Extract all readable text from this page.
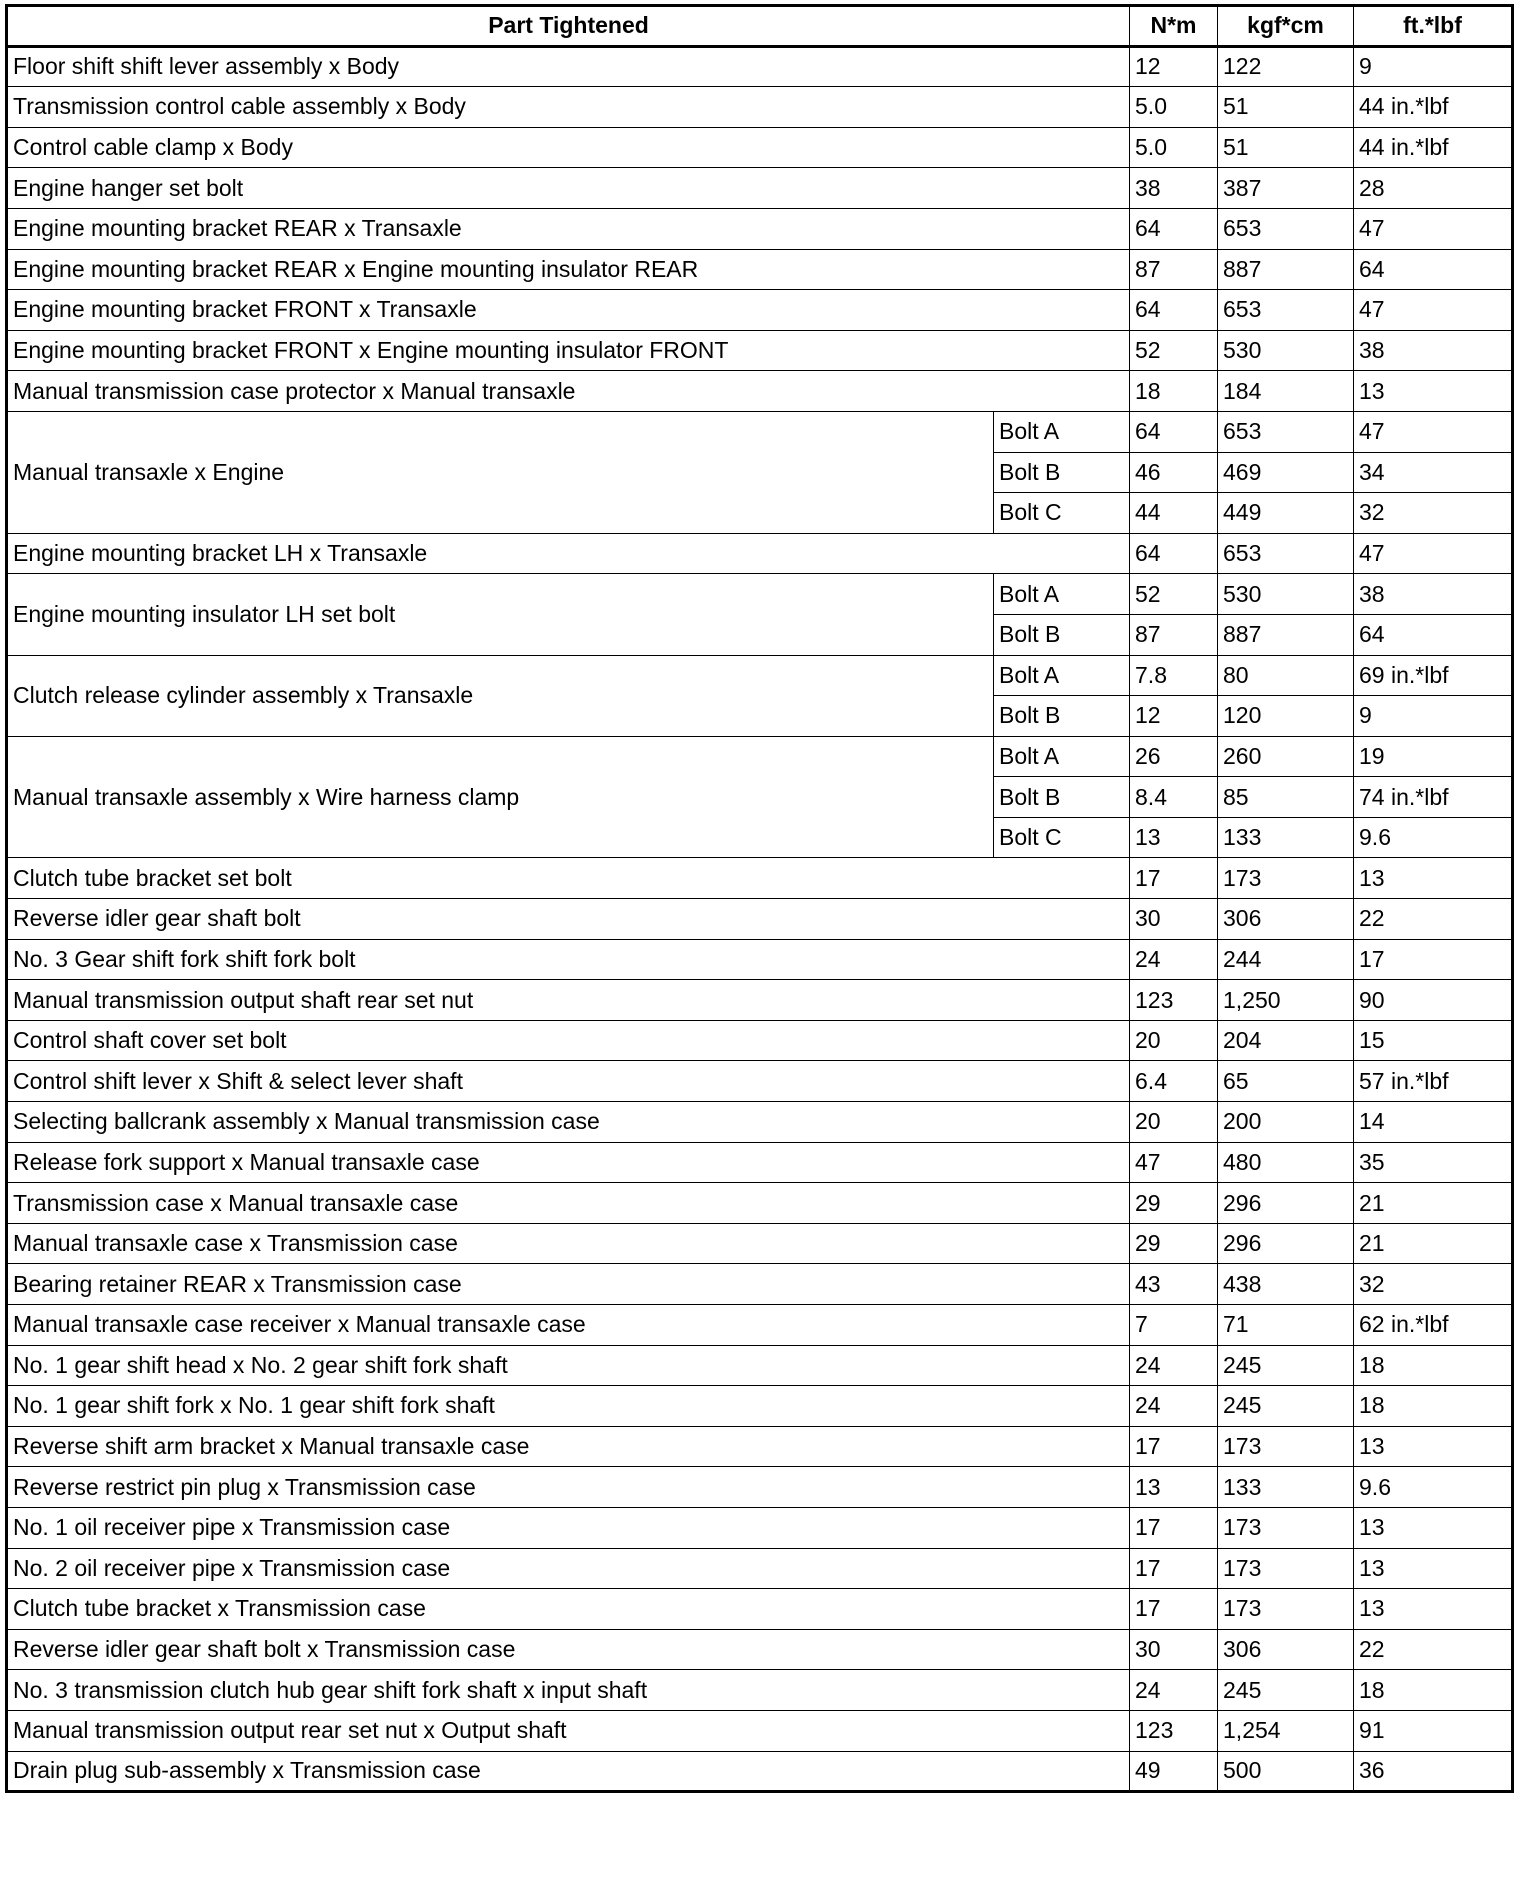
Part Tightened		N*m	kgf*cm	ft.*lbf
Floor shift shift lever assembly x Body		12	122	9
Transmission control cable assembly x Body		5.0	51	44 in.*lbf
Control cable clamp x Body		5.0	51	44 in.*lbf
Engine hanger set bolt		38	387	28
Engine mounting bracket REAR x Transaxle		64	653	47
Engine mounting bracket REAR x Engine mounting insulator REAR		87	887	64
Engine mounting bracket FRONT x Transaxle		64	653	47
Engine mounting bracket FRONT x Engine mounting insulator FRONT		52	530	38
Manual transmission case protector x Manual transaxle		18	184	13
Manual transaxle x Engine	Bolt A	64	653	47
	Bolt B	46	469	34
	Bolt C	44	449	32
Engine mounting bracket LH x Transaxle		64	653	47
Engine mounting insulator LH set bolt	Bolt A	52	530	38
	Bolt B	87	887	64
Clutch release cylinder assembly x Transaxle	Bolt A	7.8	80	69 in.*lbf
	Bolt B	12	120	9
Manual transaxle assembly x Wire harness clamp	Bolt A	26	260	19
	Bolt B	8.4	85	74 in.*lbf
	Bolt C	13	133	9.6
Clutch tube bracket set bolt		17	173	13
Reverse idler gear shaft bolt		30	306	22
No. 3 Gear shift fork shift fork bolt		24	244	17
Manual transmission output shaft rear set nut		123	1,250	90
Control shaft cover set bolt		20	204	15
Control shift lever x Shift & select lever shaft		6.4	65	57 in.*lbf
Selecting ballcrank assembly x Manual transmission case		20	200	14
Release fork support x Manual transaxle case		47	480	35
Transmission case x Manual transaxle case		29	296	21
Manual transaxle case x Transmission case		29	296	21
Bearing retainer REAR x Transmission case		43	438	32
Manual transaxle case receiver x Manual transaxle case		7	71	62 in.*lbf
No. 1 gear shift head x No. 2 gear shift fork shaft		24	245	18
No. 1 gear shift fork x No. 1 gear shift fork shaft		24	245	18
Reverse shift arm bracket x Manual transaxle case		17	173	13
Reverse restrict pin plug x Transmission case		13	133	9.6
No. 1 oil receiver pipe x Transmission case		17	173	13
No. 2 oil receiver pipe x Transmission case		17	173	13
Clutch tube bracket x Transmission case		17	173	13
Reverse idler gear shaft bolt x Transmission case		30	306	22
No. 3 transmission clutch hub gear shift fork shaft x input shaft		24	245	18
Manual transmission output rear set nut x Output shaft		123	1,254	91
Drain plug sub-assembly x Transmission case		49	500	36
